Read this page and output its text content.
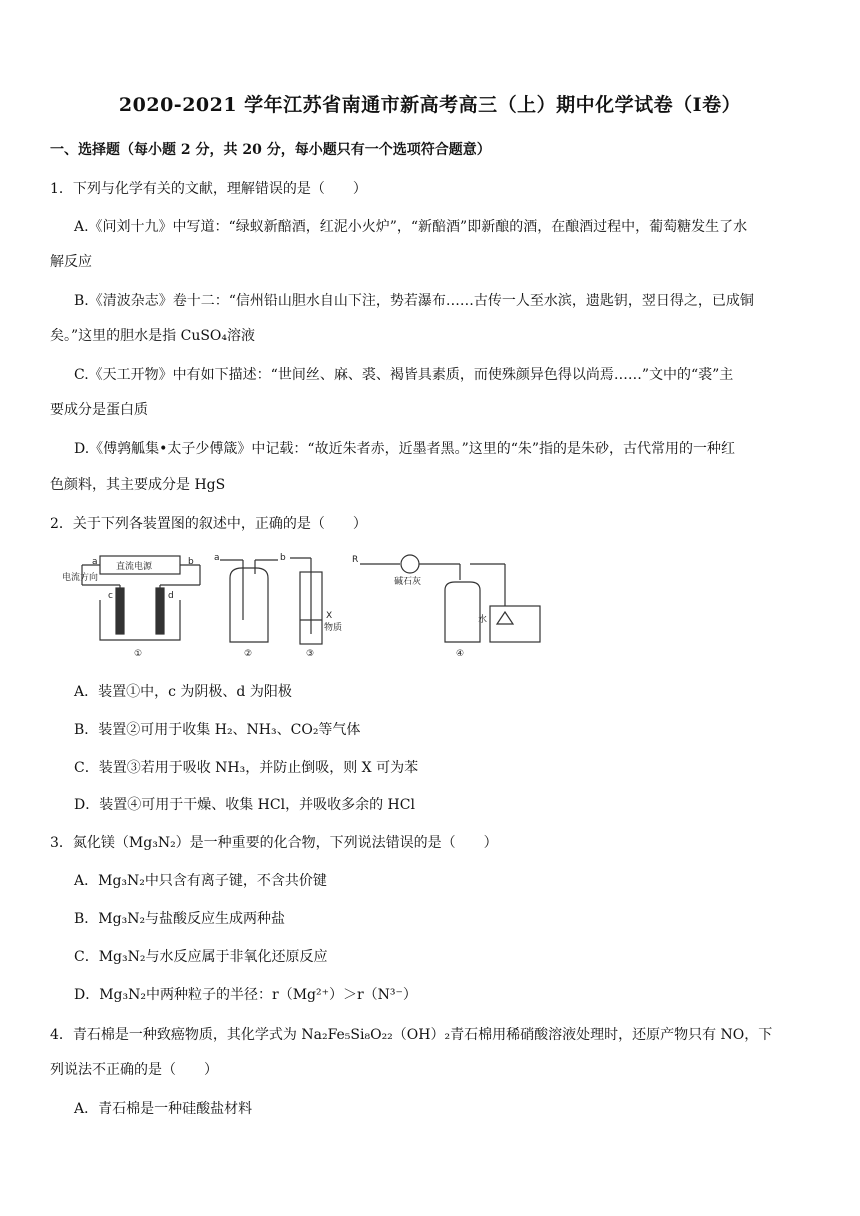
2020-2021 学年江苏省南通市新高考高三（上）期中化学试卷（Ⅰ卷）
一、选择题（每小题 2 分，共 20 分，每小题只有一个选项符合题意）
1．下列与化学有关的文献，理解错误的是（　　）
A.《问刘十九》中写道：“绿蚁新醅酒，红泥小火炉”，“新醅酒”即新酿的酒，在酿酒过程中，葡萄糖发生了水
解反应
B.《清波杂志》卷十二：“信州铅山胆水自山下注，势若瀑布……古传一人至水滨，遗匙钥，翌日得之，已成铜
矣。”这里的胆水是指 CuSO₄溶液
C.《天工开物》中有如下描述：“世间丝、麻、裘、褐皆具素质，而使殊颜异色得以尚焉……”文中的“裘”主
要成分是蛋白质
D.《傅鹑觚集•太子少傅箴》中记载：“故近朱者赤，近墨者黑。”这里的“朱”指的是朱砂，古代常用的一种红
色颜料，其主要成分是 HgS
2．关于下列各装置图的叙述中，正确的是（　　）
电流方向
直流电源
a	b
c	d
a	b
X
物质
R
碱石灰
水
①	②	③	④
A．装置①中，c 为阴极、d 为阳极
B．装置②可用于收集 H₂、NH₃、CO₂等气体
C．装置③若用于吸收 NH₃，并防止倒吸，则 X 可为苯
D．装置④可用于干燥、收集 HCl，并吸收多余的 HCl
3．氮化镁（Mg₃N₂）是一种重要的化合物，下列说法错误的是（　　）
A．Mg₃N₂中只含有离子键，不含共价键
B．Mg₃N₂与盐酸反应生成两种盐
C．Mg₃N₂与水反应属于非氧化还原反应
D．Mg₃N₂中两种粒子的半径：r（Mg²⁺）＞r（N³⁻）
4．青石棉是一种致癌物质，其化学式为 Na₂Fe₅Si₈O₂₂（OH）₂青石棉用稀硝酸溶液处理时，还原产物只有 NO，下
列说法不正确的是（　　）
A．青石棉是一种硅酸盐材料
